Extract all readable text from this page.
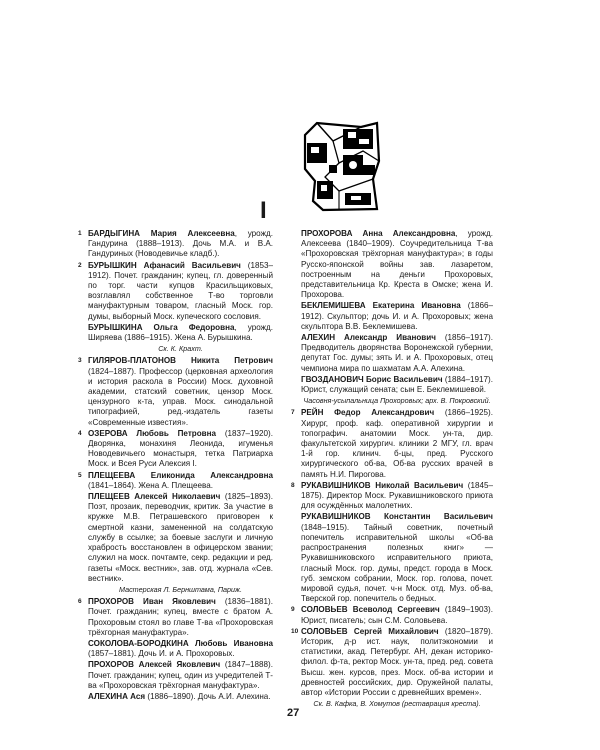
I
1 БАРДЫГИНА Мария Алексеевна, урожд. Гандурина (1888–1913). Дочь М.А. и В.А. Гандуриных (Новодевичье кладб.).
2 БУРЫШКИН Афанасий Васильевич (1853–1912). Почет. гражданин; купец, гл. доверенный по торг. части купцов Красильщиковых, возглавлял собственное Т-во торговли мануфактурным товаром, гласный Моск. гор. думы, выборный Моск. купеческого сословия.
БУРЫШКИНА Ольга Федоровна, урожд. Ширяева (1886–1915). Жена А. Бурышкина.
Ск. К. Крахт.
3 ГИЛЯРОВ-ПЛАТОНОВ Никита Петрович (1824–1887). Профессор (церковная археология и история раскола в России) Моск. духовной академии, статский советник, цензор Моск. цензурного к-та, управ. Моск. синодальной типографией, ред.-издатель газеты «Современные известия».
4 ОЗЕРОВА Любовь Петровна (1837–1920). Дворянка, монахиня Леонида, игуменья Новодевичьего монастыря, тетка Патриарха Моск. и Всея Руси Алексия I.
5 ПЛЕЩЕЕВА Еликонида Александровна (1841–1864). Жена А. Плещеева.
ПЛЕЩЕЕВ Алексей Николаевич (1825–1893). Поэт, прозаик, переводчик, критик. За участие в кружке М.В. Петрашевского приговорен к смертной казни, замененной на солдатскую службу в ссылке; за боевые заслуги и личную храбрость восстановлен в офицерском звании; служил на моск. почтамте, секр. редакции и ред. газеты «Моск. вестник», зав. отд. журнала «Сев. вестник».
Мастерская Л. Бернштама, Париж.
6 ПРОХОРОВ Иван Яковлевич (1836–1881). Почет. гражданин; купец, вместе с братом А. Прохоровым стоял во главе Т-ва «Прохоровская трёхгорная мануфактура».
СОКОЛОВА-БОРОДКИНА Любовь Ивановна (1857–1881). Дочь И. и А. Прохоровых.
ПРОХОРОВ Алексей Яковлевич (1847–1888). Почет. гражданин; купец, один из учредителей Т-ва «Прохоровская трёхгорная мануфактура».
АЛЕХИНА Ася (1886–1890). Дочь А.И. Алехина.
ПРОХОРОВА Анна Александровна, урожд. Алексеева (1840–1909). Соучредительница Т-ва «Прохоровская трёхгорная мануфактура»; в годы Русско-японской войны зав. лазаретом, построенным на деньги Прохоровых, представительница Кр. Креста в Омске; жена И. Прохорова.
БЕКЛЕМИШЕВА Екатерина Ивановна (1866–1912). Скульптор; дочь И. и А. Прохоровых; жена скульптора В.В. Беклемишева.
АЛЕХИН Александр Иванович (1856–1917). Предводитель дворянства Воронежской губернии, депутат Гос. думы; зять И. и А. Прохоровых, отец чемпиона мира по шахматам А.А. Алехина.
ГВОЗДАНОВИЧ Борис Васильевич (1884–1917). Юрист, служащий сената; сын Е. Беклемишевой.
Часовня-усыпальница Прохоровых; арх. В. Покровский.
7 РЕЙН Федор Александрович (1866–1925). Хирург, проф. каф. оперативной хирургии и топографич. анатомии Моск. ун-та, дир. факультетской хирургич. клиники 2 МГУ, гл. врач 1-й гор. клинич. б-цы, пред. Русского хирургического об-ва, Об-ва русских врачей в память Н.И. Пирогова.
8 РУКАВИШНИКОВ Николай Васильевич (1845–1875). Директор Моск. Рукавишниковского приюта для осуждённых малолетних.
РУКАВИШНИКОВ Константин Васильевич (1848–1915). Тайный советник, почетный попечитель исправительной школы «Об-ва распространения полезных книг» — Рукавишниковского исправительного приюта, гласный Моск. гор. думы, предст. города в Моск. губ. земском собрании, Моск. гор. голова, почет. мировой судья, почет. ч-н Моск. отд. Муз. об-ва, Тверской гор. попечитель о бедных.
9 СОЛОВЬЕВ Всеволод Сергеевич (1849–1903). Юрист, писатель; сын С.М. Соловьева.
10 СОЛОВЬЕВ Сергей Михайлович (1820–1879). Историк, д-р ист. наук, политэкономии и статистики, акад. Петербург. АН, декан историко-филол. ф-та, ректор Моск. ун-та, пред. ред. совета Высш. жен. курсов, през. Моск. об-ва истории и древностей российских, дир. Оружейной палаты, автор «Истории России с древнейших времен».
Ск. В. Кафка, В. Хомутов (реставрация креста).
27
